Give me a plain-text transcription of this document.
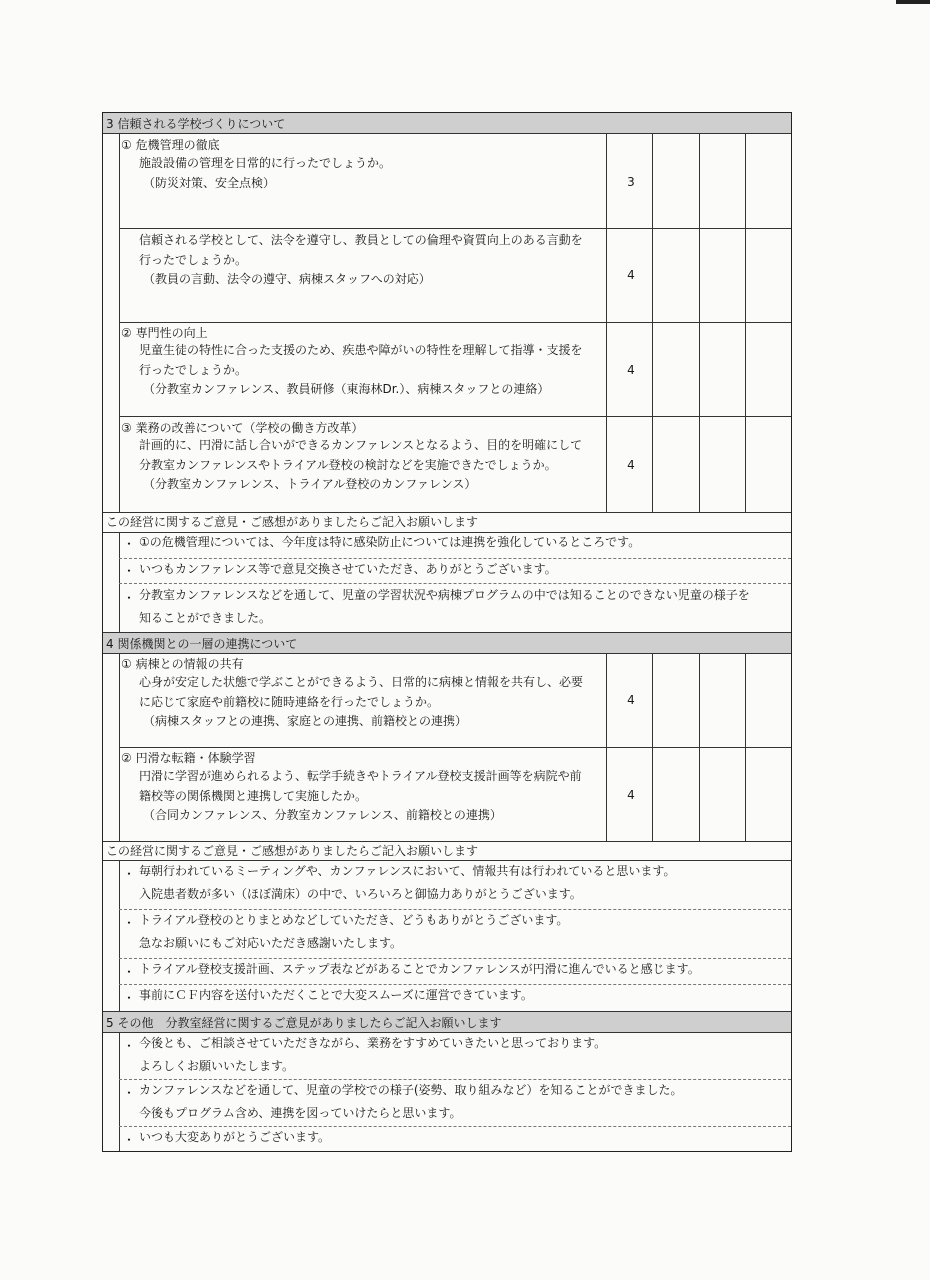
3 信頼される学校づくりについて
① 危機管理の徹底
施設設備の管理を日常的に行ったでしょうか。
（防災対策、安全点検）	3
信頼される学校として、法令を遵守し、教員としての倫理や資質向上のある言動を
行ったでしょうか。
（教員の言動、法令の遵守、病棟スタッフへの対応）	4
② 専門性の向上
児童生徒の特性に合った支援のため、疾患や障がいの特性を理解して指導・支援を
行ったでしょうか。
（分教室カンファレンス、教員研修（東海林Dr.）、病棟スタッフとの連絡）
4
③ 業務の改善について（学校の働き方改革）
計画的に、円滑に話し合いができるカンファレンスとなるよう、目的を明確にして
分教室カンファレンスやトライアル登校の検討などを実施できたでしょうか。
（分教室カンファレンス、トライアル登校のカンファレンス）
4
この経営に関するご意見・ご感想がありましたらご記入お願いします
・ ①の危機管理については、今年度は特に感染防止については連携を強化しているところです。
・ いつもカンファレンス等で意見交換させていただき、ありがとうございます。
・ 分教室カンファレンスなどを通して、児童の学習状況や病棟プログラムの中では知ることのできない児童の様子を
知ることができました。
4 関係機関との一層の連携について
① 病棟との情報の共有
心身が安定した状態で学ぶことができるよう、日常的に病棟と情報を共有し、必要
に応じて家庭や前籍校に随時連絡を行ったでしょうか。
（病棟スタッフとの連携、家庭との連携、前籍校との連携）
4
② 円滑な転籍・体験学習
円滑に学習が進められるよう、転学手続きやトライアル登校支援計画等を病院や前
籍校等の関係機関と連携して実施したか。
（合同カンファレンス、分教室カンファレンス、前籍校との連携）
4
この経営に関するご意見・ご感想がありましたらご記入お願いします
・ 毎朝行われているミーティングや、カンファレンスにおいて、情報共有は行われていると思います。
入院患者数が多い（ほぼ満床）の中で、いろいろと御協力ありがとうございます。
・ トライアル登校のとりまとめなどしていただき、どうもありがとうございます。
急なお願いにもご対応いただき感謝いたします。
・ トライアル登校支援計画、ステップ表などがあることでカンファレンスが円滑に進んでいると感じます。
・ 事前にＣＦ内容を送付いただくことで大変スムーズに運営できています。
5 その他　分教室経営に関するご意見がありましたらご記入お願いします
・ 今後とも、ご相談させていただきながら、業務をすすめていきたいと思っております。
よろしくお願いいたします。
・ カンファレンスなどを通して、児童の学校での様子(姿勢、取り組みなど）を知ることができました。
今後もプログラム含め、連携を図っていけたらと思います。
・ いつも大変ありがとうございます。
